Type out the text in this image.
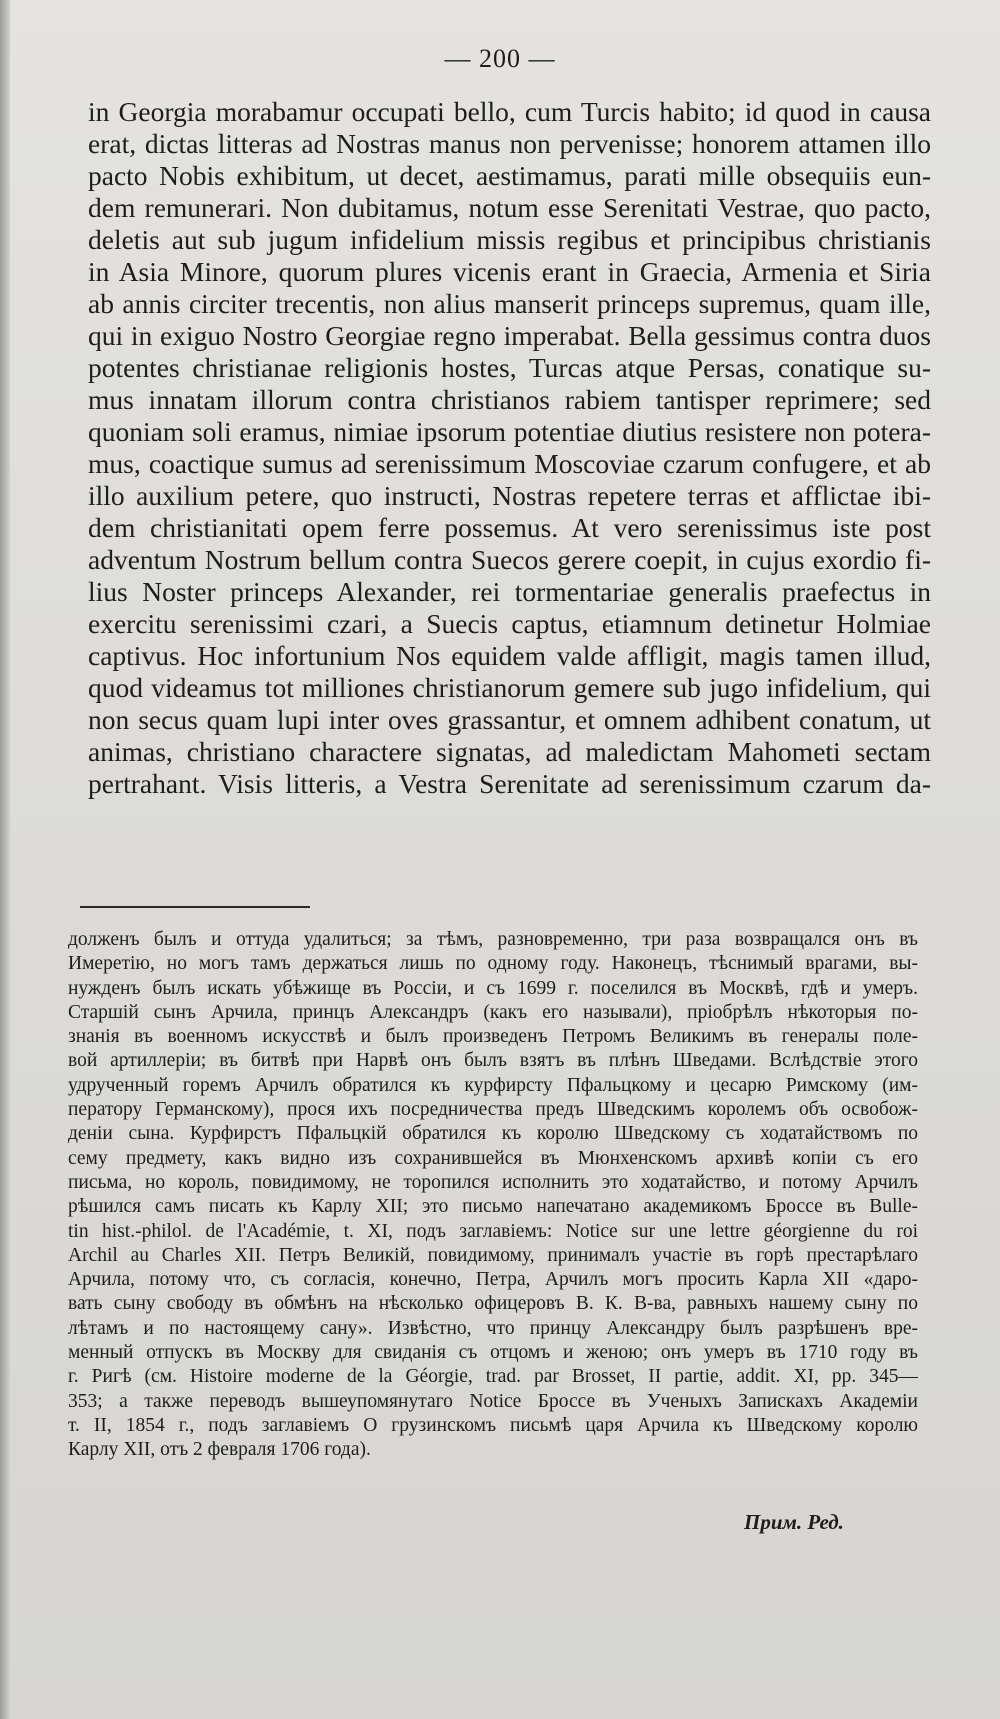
— 200 —
in Georgia morabamur occupati bello, cum Turcis habito; id quod in causa
erat, dictas litteras ad Nostras manus non pervenisse; honorem attamen illo
pacto Nobis exhibitum, ut decet, aestimamus, parati mille obsequiis eun-
dem remunerari. Non dubitamus, notum esse Serenitati Vestrae, quo pacto,
deletis aut sub jugum infidelium missis regibus et principibus christianis
in Asia Minore, quorum plures vicenis erant in Graecia, Armenia et Siria
ab annis circiter trecentis, non alius manserit princeps supremus, quam ille,
qui in exiguo Nostro Georgiae regno imperabat. Bella gessimus contra duos
potentes christianae religionis hostes, Turcas atque Persas, conatique su-
mus innatam illorum contra christianos rabiem tantisper reprimere; sed
quoniam soli eramus, nimiae ipsorum potentiae diutius resistere non potera-
mus, coactique sumus ad serenissimum Moscoviae czarum confugere, et ab
illo auxilium petere, quo instructi, Nostras repetere terras et afflictae ibi-
dem christianitati opem ferre possemus. At vero serenissimus iste post
adventum Nostrum bellum contra Suecos gerere coepit, in cujus exordio fi-
lius Noster princeps Alexander, rei tormentariae generalis praefectus in
exercitu serenissimi czari, a Suecis captus, etiamnum detinetur Holmiae
captivus. Hoc infortunium Nos equidem valde affligit, magis tamen illud,
quod videamus tot milliones christianorum gemere sub jugo infidelium, qui
non secus quam lupi inter oves grassantur, et omnem adhibent conatum, ut
animas, christiano charactere signatas, ad maledictam Mahometi sectam
pertrahant. Visis litteris, a Vestra Serenitate ad serenissimum czarum da-
долженъ былъ и оттуда удалиться; за тѣмъ, разновременно, три раза возвращался онъ въ
Имеретію, но могъ тамъ держаться лишь по одному году. Наконецъ, тѣснимый врагами, вы-
нужденъ былъ искать убѣжище въ Россіи, и съ 1699 г. поселился въ Москвѣ, гдѣ и умеръ.
Старшій сынъ Арчила, принцъ Александръ (какъ его называли), пріобрѣлъ нѣкоторыя по-
знанія въ военномъ искусствѣ и былъ произведенъ Петромъ Великимъ въ генералы поле-
вой артиллеріи; въ битвѣ при Нарвѣ онъ былъ взятъ въ плѣнъ Шведами. Вслѣдствіе этого
удрученный горемъ Арчилъ обратился къ курфирсту Пфальцкому и цесарю Римскому (им-
ператору Германскому), прося ихъ посредничества предъ Шведскимъ королемъ объ освобож-
деніи сына. Курфирстъ Пфальцкій обратился къ королю Шведскому съ ходатайствомъ по
сему предмету, какъ видно изъ сохранившейся въ Мюнхенскомъ архивѣ копіи съ его
письма, но король, повидимому, не торопился исполнить это ходатайство, и потому Арчилъ
рѣшился самъ писать къ Карлу XII; это письмо напечатано академикомъ Броссе въ Bulle-
tin hist.-philol. de l'Académie, t. XI, подъ заглавіемъ: Notice sur une lettre géorgienne du roi
Archil au Charles XII. Петръ Великій, повидимому, принималъ участіе въ горѣ престарѣлаго
Арчила, потому что, съ согласія, конечно, Петра, Арчилъ могъ просить Карла XII «даро-
вать сыну свободу въ обмѣнъ на нѣсколько офицеровъ В. К. В-ва, равныхъ нашему сыну по
лѣтамъ и по настоящему сану». Извѣстно, что принцу Александру былъ разрѣшенъ вре-
менный отпускъ въ Москву для свиданія съ отцомъ и женою; онъ умеръ въ 1710 году въ
г. Ригѣ (см. Histoire moderne de la Géorgie, trad. par Brosset, II partie, addit. XI, pp. 345—
353; а также переводъ вышеупомянутаго Notice Броссе въ Ученыхъ Запискахъ Академіи
т. II, 1854 г., подъ заглавіемъ О грузинскомъ письмѣ царя Арчила къ Шведскому королю
Карлу XII, отъ 2 февраля 1706 года).
Прим. Ред.
